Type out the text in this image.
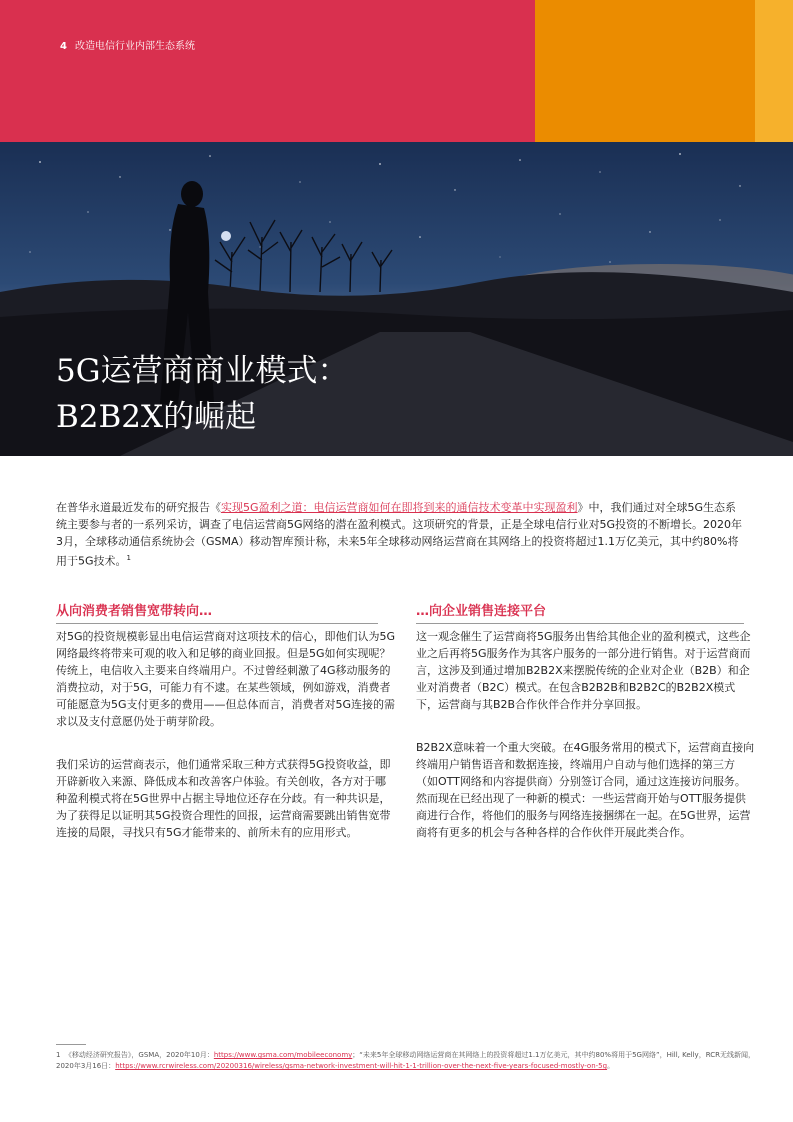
4 改造电信行业内部生态系统
5G运营商商业模式：
B2B2X的崛起

在普华永道最近发布的研究报告《实现5G盈利之道：电信运营商如何在即将到来的通信技术变革中实现盈利》中，我们通过对全球5G生态系统主要参与者的一系列采访，调查了电信运营商5G网络的潜在盈利模式。这项研究的背景，正是全球电信行业对5G投资的不断增长。2020年3月，全球移动通信系统协会（GSMA）移动智库预计称，未来5年全球移动网络运营商在其网络上的投资将超过1.1万亿美元，其中约80%将用于5G技术。$^1$

从向消费者销售宽带转向…

对5G的投资规模彰显出电信运营商对这项技术的信心，即他们认为5G网络最终将带来可观的收入和足够的商业回报。但是5G如何实现呢？传统上，电信收入主要来自终端用户。不过曾经刺激了4G移动服务的消费拉动，对于5G，可能力有不逮。在某些领域，例如游戏，消费者可能愿意为5G支付更多的费用——但总体而言，消费者对5G连接的需求以及支付意愿仍处于萌芽阶段。

我们采访的运营商表示，他们通常采取三种方式获得5G投资收益，即开辟新收入来源、降低成本和改善客户体验。有关创收，各方对于哪种盈利模式将在5G世界中占据主导地位还存在分歧。有一种共识是，为了获得足以证明其5G投资合理性的回报，运营商需要跳出销售宽带连接的局限，寻找只有5G才能带来的、前所未有的应用形式。

…向企业销售连接平台

这一观念催生了运营商将5G服务出售给其他企业的盈利模式，这些企业之后再将5G服务作为其客户服务的一部分进行销售。对于运营商而言，这涉及到通过增加B2B2X来摆脱传统的企业对企业（B2B）和企业对消费者（B2C）模式。在包含B2B2B和B2B2C的B2B2X模式下，运营商与其B2B合作伙伴合作并分享回报。

B2B2X意味着一个重大突破。在4G服务常用的模式下，运营商直接向终端用户销售语音和数据连接，终端用户自动与他们选择的第三方（如OTT网络和内容提供商）分别签订合同，通过这连接访问服务。然而现在已经出现了一种新的模式：一些运营商开始与OTT服务提供商进行合作，将他们的服务与网络连接捆绑在一起。在5G世界，运营商将有更多的机会与各种各样的合作伙伴开展此类合作。

1 《移动经济研究报告》，GSMA，2020年10月：https://www.gsma.com/mobileeconomy；“未来5年全球移动网络运营商在其网络上的投资将超过1.1万亿美元，其中约80%将用于5G网络”，Hill, Kelly，RCR无线新闻，2020年3月16日：https://www.rcrwireless.com/20200316/wireless/gsma-network-investment-will-hit-1-1-trillion-over-the-next-five-years-focused-mostly-on-5g。
